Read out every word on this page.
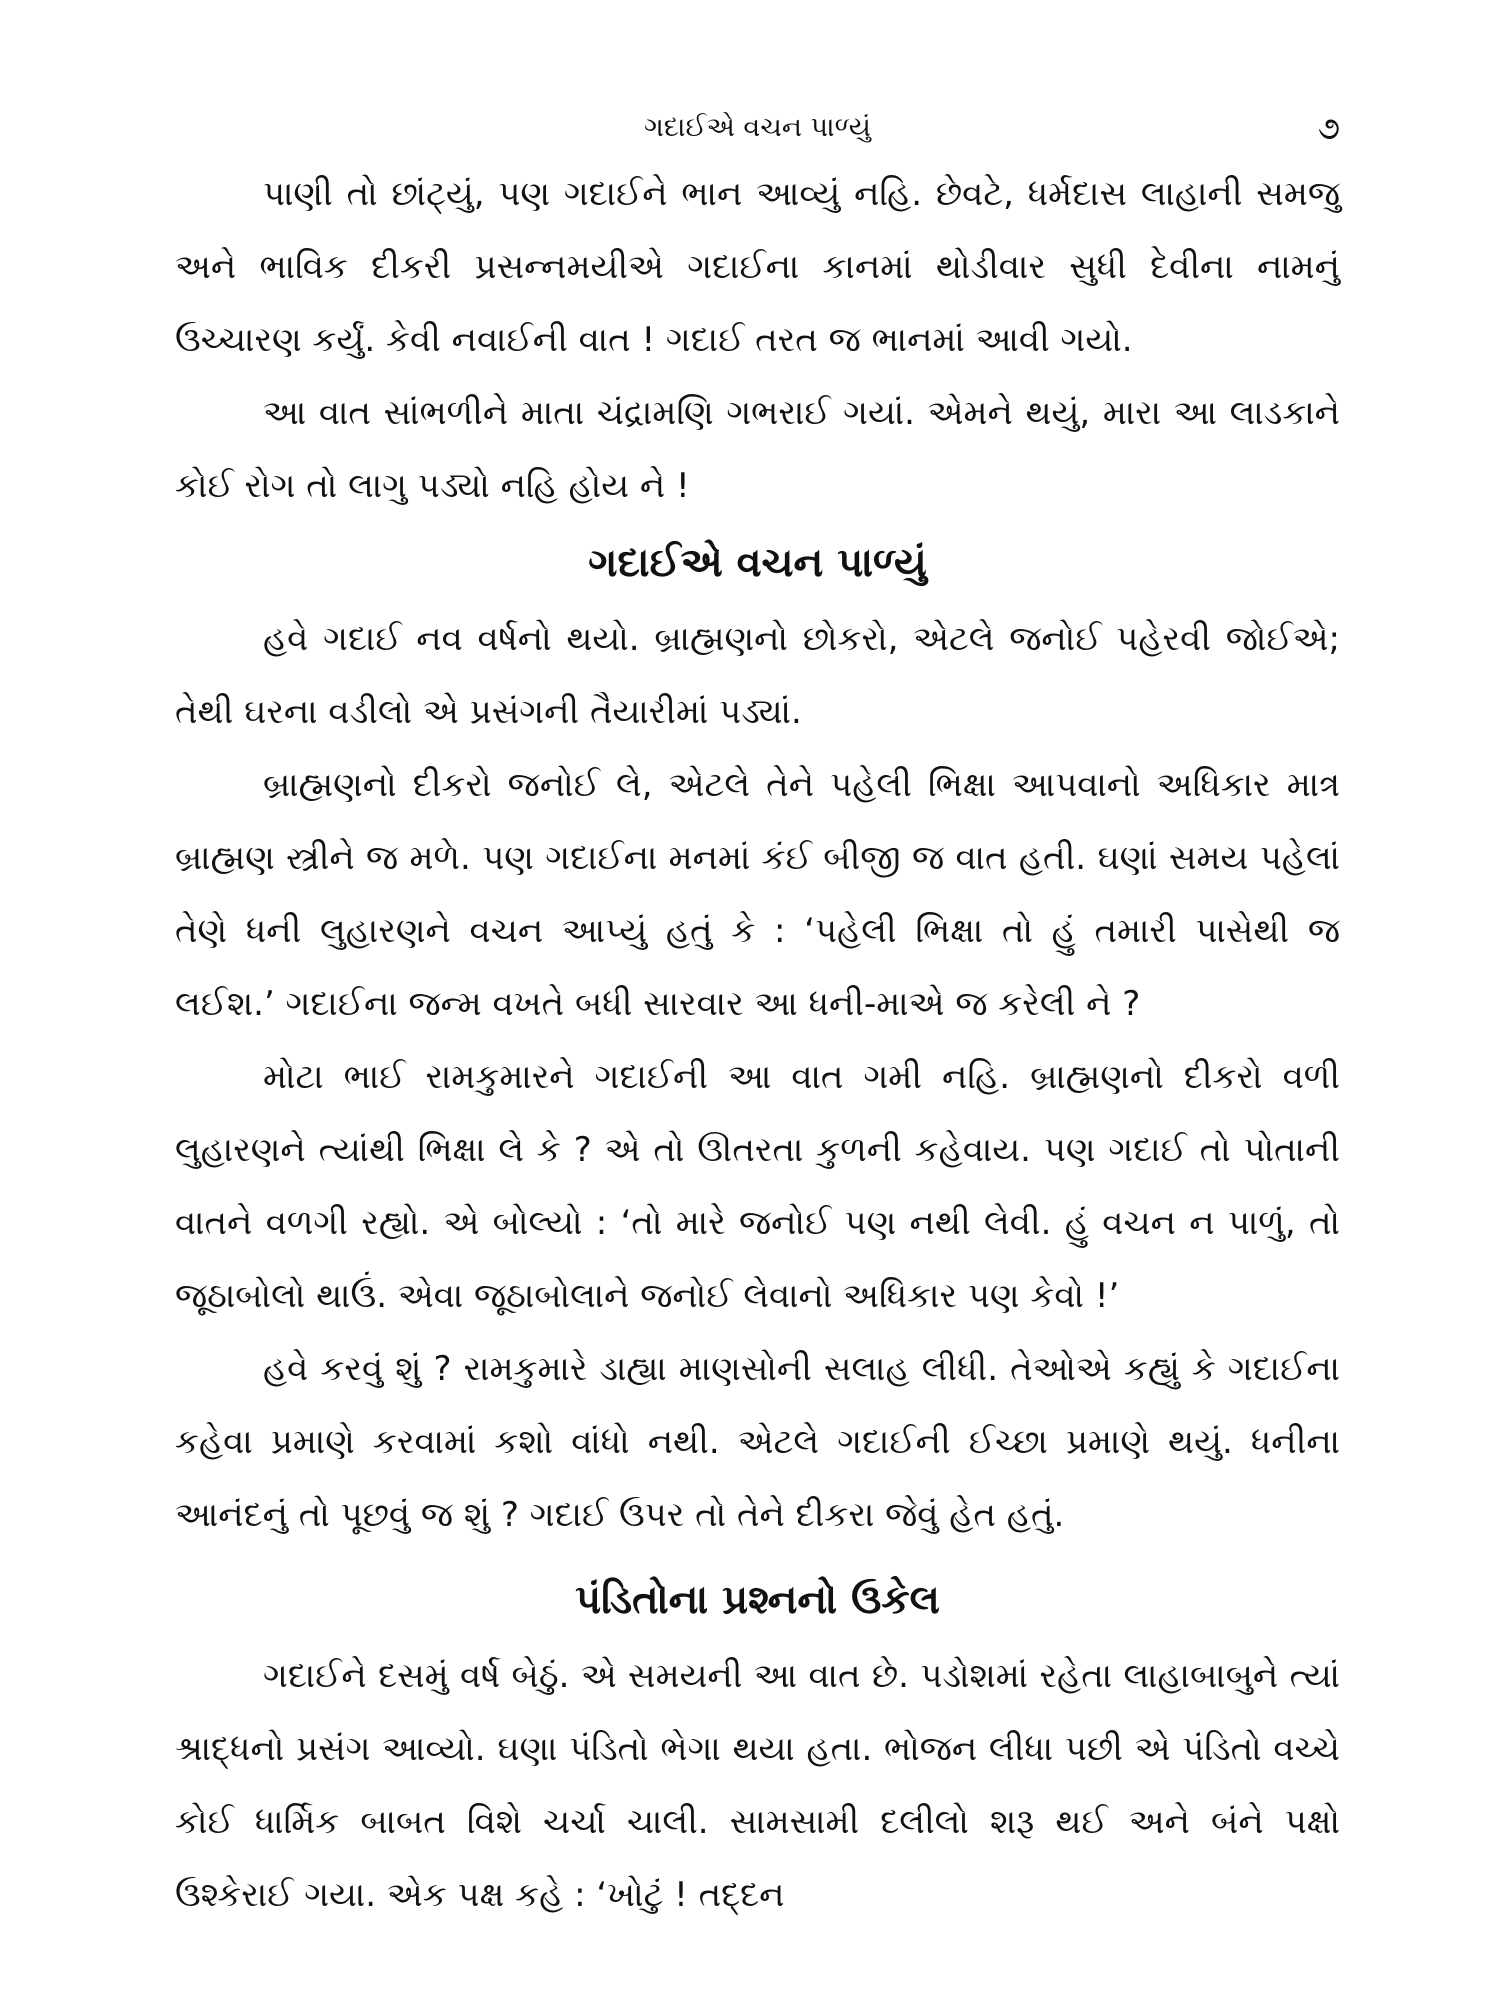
ગદાઈએ વચન પાળ્યું	૭

પાણી તો છાંટ્યું, પણ ગદાઈને ભાન આવ્યું નહિ. છેવટે, ધર્મદાસ લાહાની સમજુ અને ભાવિક દીકરી પ્રસન્નમયીએ ગદાઈના કાનમાં થોડીવાર સુધી દેવીના નામનું ઉચ્ચારણ કર્યું. કેવી નવાઈની વાત ! ગદાઈ તરત જ ભાનમાં આવી ગયો.

આ વાત સાંભળીને માતા ચંદ્રામણિ ગભરાઈ ગયાં. એમને થયું, મારા આ લાડકાને કોઈ રોગ તો લાગુ પડ્યો નહિ હોય ને !

ગદાઈએ વચન પાળ્યું

હવે ગદાઈ નવ વર્ષનો થયો. બ્રાહ્મણનો છોકરો, એટલે જનોઈ પહેરવી જોઈએ; તેથી ઘરના વડીલો એ પ્રસંગની તૈયારીમાં પડ્યાં.

બ્રાહ્મણનો દીકરો જનોઈ લે, એટલે તેને પહેલી ભિક્ષા આપવાનો અધિકાર માત્ર બ્રાહ્મણ સ્ત્રીને જ મળે. પણ ગદાઈના મનમાં કંઈ બીજી જ વાત હતી. ઘણાં સમય પહેલાં તેણે ધની લુહારણને વચન આપ્યું હતું કે : ‘પહેલી ભિક્ષા તો હું તમારી પાસેથી જ લઈશ.’ ગદાઈના જન્મ વખતે બધી સારવાર આ ધની-માએ જ કરેલી ને ?

મોટા ભાઈ રામકુમારને ગદાઈની આ વાત ગમી નહિ. બ્રાહ્મણનો દીકરો વળી લુહારણને ત્યાંથી ભિક્ષા લે કે ? એ તો ઊતરતા કુળની કહેવાય. પણ ગદાઈ તો પોતાની વાતને વળગી રહ્યો. એ બોલ્યો : ‘તો મારે જનોઈ પણ નથી લેવી. હું વચન ન પાળું, તો જૂઠાબોલો થાઉં. એવા જૂઠાબોલાને જનોઈ લેવાનો અધિકાર પણ કેવો !’

હવે કરવું શું ? રામકુમારે ડાહ્યા માણસોની સલાહ લીધી. તેઓએ કહ્યું કે ગદાઈના કહેવા પ્રમાણે કરવામાં કશો વાંધો નથી. એટલે ગદાઈની ઈચ્છા પ્રમાણે થયું. ધનીના આનંદનું તો પૂછવું જ શું ? ગદાઈ ઉપર તો તેને દીકરા જેવું હેત હતું.

પંડિતોના પ્રશ્નનો ઉકેલ

ગદાઈને દસમું વર્ષ બેઠું. એ સમયની આ વાત છે. પડોશમાં રહેતા લાહાબાબુને ત્યાં શ્રાદ્ધનો પ્રસંગ આવ્યો. ઘણા પંડિતો ભેગા થયા હતા. ભોજન લીધા પછી એ પંડિતો વચ્ચે કોઈ ધાર્મિક બાબત વિશે ચર્ચા ચાલી. સામસામી દલીલો શરૂ થઈ અને બંને પક્ષો ઉશ્કેરાઈ ગયા. એક પક્ષ કહે : ‘ખોટું ! તદ્દન
